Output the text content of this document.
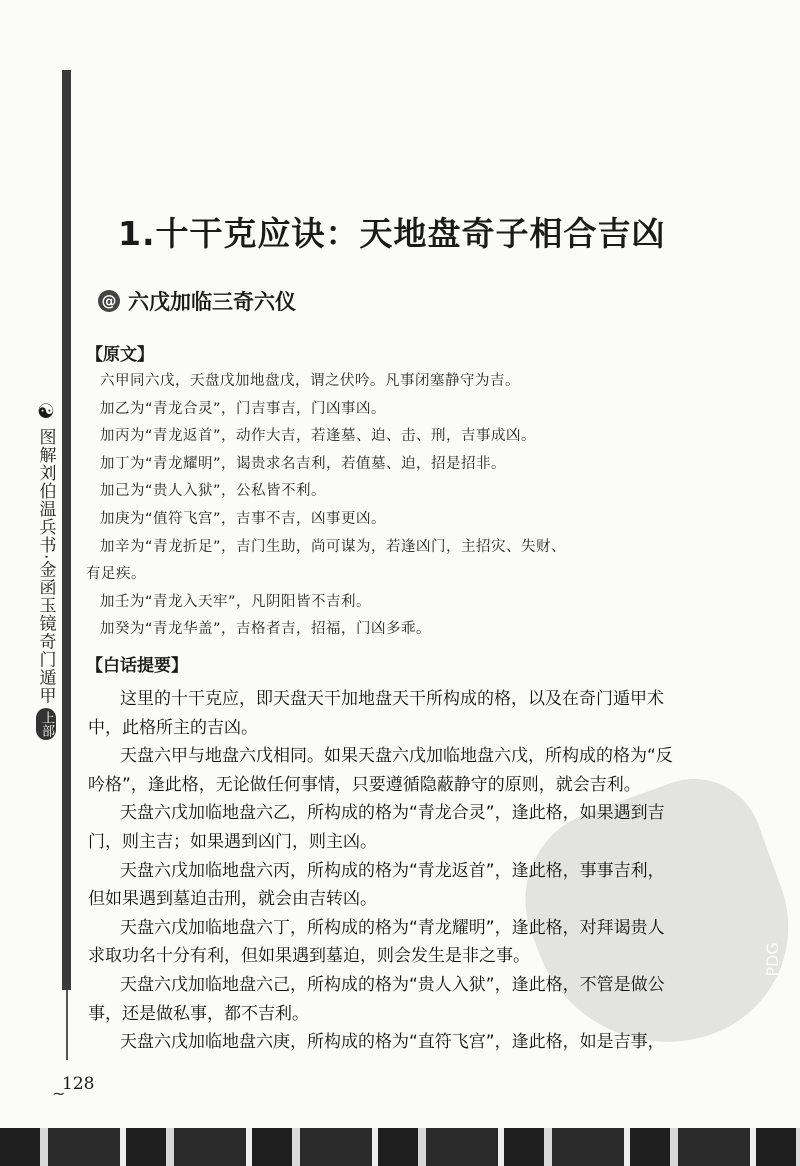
PDG
☯
图解刘伯温兵书·金函玉镜奇门遁甲
上部
1.十干克应诀：天地盘奇子相合吉凶
@ 六戊加临三奇六仪
【原文】
六甲同六戊，天盘戊加地盘戊，谓之伏吟。凡事闭塞静守为吉。
加乙为“青龙合灵”，门吉事吉，门凶事凶。
加丙为“青龙返首”，动作大吉，若逢墓、迫、击、刑，吉事成凶。
加丁为“青龙耀明”，谒贵求名吉利，若值墓、迫，招是招非。
加己为“贵人入狱”，公私皆不利。
加庚为“值符飞宫”，吉事不吉，凶事更凶。
加辛为“青龙折足”，吉门生助，尚可谋为，若逢凶门，主招灾、失财、
有足疾。
加壬为“青龙入天牢”，凡阴阳皆不吉利。
加癸为“青龙华盖”，吉格者吉，招福，门凶多乖。
【白话提要】
这里的十干克应，即天盘天干加地盘天干所构成的格，以及在奇门遁甲术
中，此格所主的吉凶。
天盘六甲与地盘六戊相同。如果天盘六戊加临地盘六戊，所构成的格为“反
吟格”，逢此格，无论做任何事情，只要遵循隐蔽静守的原则，就会吉利。
天盘六戊加临地盘六乙，所构成的格为“青龙合灵”，逢此格，如果遇到吉
门，则主吉；如果遇到凶门，则主凶。
天盘六戊加临地盘六丙，所构成的格为“青龙返首”，逢此格，事事吉利，
但如果遇到墓迫击刑，就会由吉转凶。
天盘六戊加临地盘六丁，所构成的格为“青龙耀明”，逢此格，对拜谒贵人
求取功名十分有利，但如果遇到墓迫，则会发生是非之事。
天盘六戊加临地盘六己，所构成的格为“贵人入狱”，逢此格，不管是做公
事，还是做私事，都不吉利。
天盘六戊加临地盘六庚，所构成的格为“直符飞宫”，逢此格，如是吉事，
~
128
